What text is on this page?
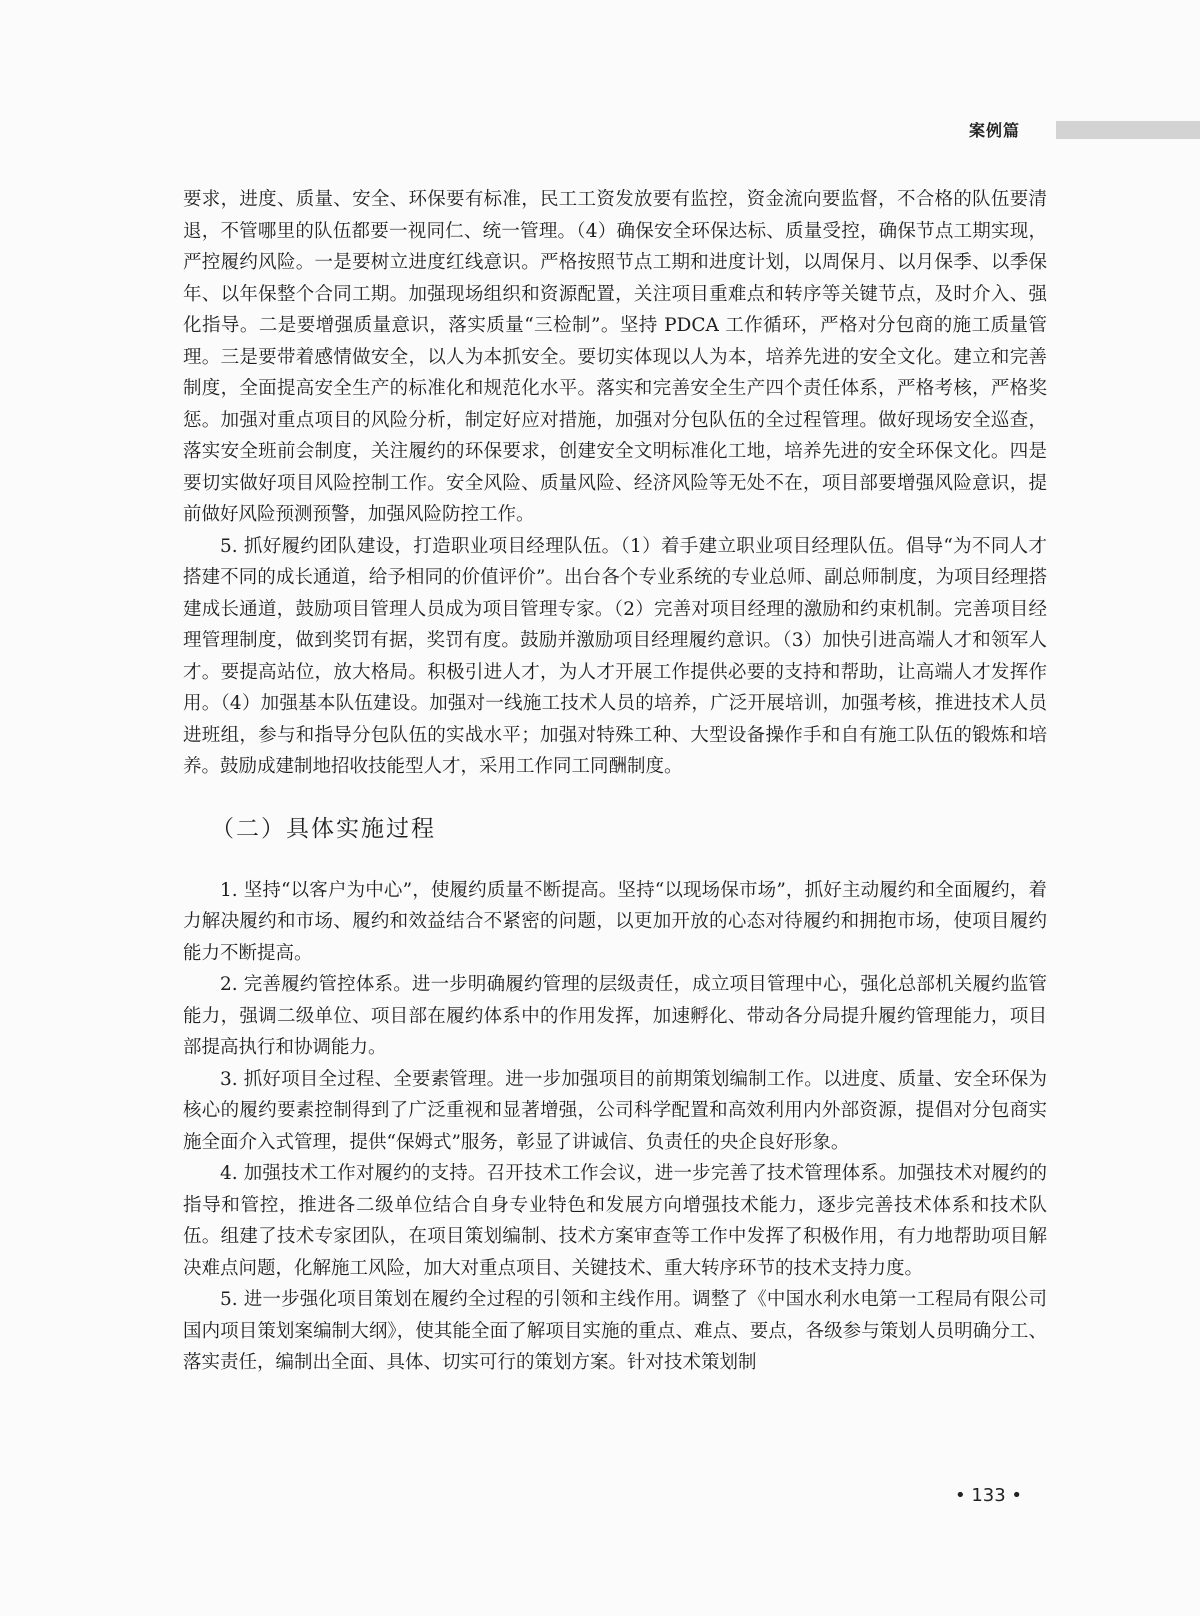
案例篇

要求，进度、质量、安全、环保要有标准，民工工资发放要有监控，资金流向要监督，不合格的队伍要清退，不管哪里的队伍都要一视同仁、统一管理。（4）确保安全环保达标、质量受控，确保节点工期实现，严控履约风险。一是要树立进度红线意识。严格按照节点工期和进度计划，以周保月、以月保季、以季保年、以年保整个合同工期。加强现场组织和资源配置，关注项目重难点和转序等关键节点，及时介入、强化指导。二是要增强质量意识，落实质量“三检制”。坚持 PDCA 工作循环，严格对分包商的施工质量管理。三是要带着感情做安全，以人为本抓安全。要切实体现以人为本，培养先进的安全文化。建立和完善制度，全面提高安全生产的标准化和规范化水平。落实和完善安全生产四个责任体系，严格考核，严格奖惩。加强对重点项目的风险分析，制定好应对措施，加强对分包队伍的全过程管理。做好现场安全巡查，落实安全班前会制度，关注履约的环保要求，创建安全文明标准化工地，培养先进的安全环保文化。四是要切实做好项目风险控制工作。安全风险、质量风险、经济风险等无处不在，项目部要增强风险意识，提前做好风险预测预警，加强风险防控工作。

5. 抓好履约团队建设，打造职业项目经理队伍。（1）着手建立职业项目经理队伍。倡导“为不同人才搭建不同的成长通道，给予相同的价值评价”。出台各个专业系统的专业总师、副总师制度，为项目经理搭建成长通道，鼓励项目管理人员成为项目管理专家。（2）完善对项目经理的激励和约束机制。完善项目经理管理制度，做到奖罚有据，奖罚有度。鼓励并激励项目经理履约意识。（3）加快引进高端人才和领军人才。要提高站位，放大格局。积极引进人才，为人才开展工作提供必要的支持和帮助，让高端人才发挥作用。（4）加强基本队伍建设。加强对一线施工技术人员的培养，广泛开展培训，加强考核，推进技术人员进班组，参与和指导分包队伍的实战水平；加强对特殊工种、大型设备操作手和自有施工队伍的锻炼和培养。鼓励成建制地招收技能型人才，采用工作同工同酬制度。

（二）具体实施过程

1. 坚持“以客户为中心”，使履约质量不断提高。坚持“以现场保市场”，抓好主动履约和全面履约，着力解决履约和市场、履约和效益结合不紧密的问题，以更加开放的心态对待履约和拥抱市场，使项目履约能力不断提高。

2. 完善履约管控体系。进一步明确履约管理的层级责任，成立项目管理中心，强化总部机关履约监管能力，强调二级单位、项目部在履约体系中的作用发挥，加速孵化、带动各分局提升履约管理能力，项目部提高执行和协调能力。

3. 抓好项目全过程、全要素管理。进一步加强项目的前期策划编制工作。以进度、质量、安全环保为核心的履约要素控制得到了广泛重视和显著增强，公司科学配置和高效利用内外部资源，提倡对分包商实施全面介入式管理，提供“保姆式”服务，彰显了讲诚信、负责任的央企良好形象。

4. 加强技术工作对履约的支持。召开技术工作会议，进一步完善了技术管理体系。加强技术对履约的指导和管控，推进各二级单位结合自身专业特色和发展方向增强技术能力，逐步完善技术体系和技术队伍。组建了技术专家团队，在项目策划编制、技术方案审查等工作中发挥了积极作用，有力地帮助项目解决难点问题，化解施工风险，加大对重点项目、关键技术、重大转序环节的技术支持力度。

5. 进一步强化项目策划在履约全过程的引领和主线作用。调整了《中国水利水电第一工程局有限公司国内项目策划案编制大纲》，使其能全面了解项目实施的重点、难点、要点，各级参与策划人员明确分工、落实责任，编制出全面、具体、切实可行的策划方案。针对技术策划制

• 133 •
